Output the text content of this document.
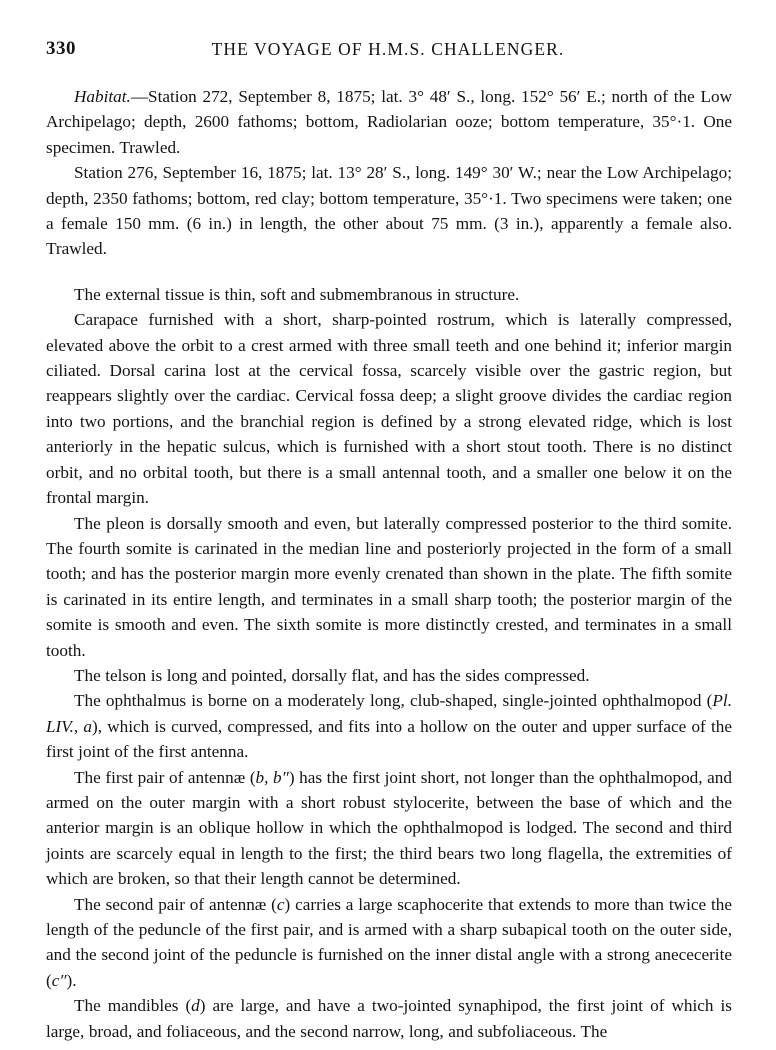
330	THE VOYAGE OF H.M.S. CHALLENGER.

Habitat.—Station 272, September 8, 1875; lat. 3° 48′ S., long. 152° 56′ E.; north of the Low Archipelago; depth, 2600 fathoms; bottom, Radiolarian ooze; bottom temperature, 35°·1. One specimen. Trawled.

Station 276, September 16, 1875; lat. 13° 28′ S., long. 149° 30′ W.; near the Low Archipelago; depth, 2350 fathoms; bottom, red clay; bottom temperature, 35°·1. Two specimens were taken; one a female 150 mm. (6 in.) in length, the other about 75 mm. (3 in.), apparently a female also. Trawled.

The external tissue is thin, soft and submembranous in structure.

Carapace furnished with a short, sharp-pointed rostrum, which is laterally compressed, elevated above the orbit to a crest armed with three small teeth and one behind it; inferior margin ciliated. Dorsal carina lost at the cervical fossa, scarcely visible over the gastric region, but reappears slightly over the cardiac. Cervical fossa deep; a slight groove divides the cardiac region into two portions, and the branchial region is defined by a strong elevated ridge, which is lost anteriorly in the hepatic sulcus, which is furnished with a short stout tooth. There is no distinct orbit, and no orbital tooth, but there is a small antennal tooth, and a smaller one below it on the frontal margin.

The pleon is dorsally smooth and even, but laterally compressed posterior to the third somite. The fourth somite is carinated in the median line and posteriorly projected in the form of a small tooth; and has the posterior margin more evenly crenated than shown in the plate. The fifth somite is carinated in its entire length, and terminates in a small sharp tooth; the posterior margin of the somite is smooth and even. The sixth somite is more distinctly crested, and terminates in a small tooth.

The telson is long and pointed, dorsally flat, and has the sides compressed.

The ophthalmus is borne on a moderately long, club-shaped, single-jointed ophthalmopod (Pl. LIV., a), which is curved, compressed, and fits into a hollow on the outer and upper surface of the first joint of the first antenna.

The first pair of antennæ (b, b″) has the first joint short, not longer than the ophthalmopod, and armed on the outer margin with a short robust stylocerite, between the base of which and the anterior margin is an oblique hollow in which the ophthalmopod is lodged. The second and third joints are scarcely equal in length to the first; the third bears two long flagella, the extremities of which are broken, so that their length cannot be determined.

The second pair of antennæ (c) carries a large scaphocerite that extends to more than twice the length of the peduncle of the first pair, and is armed with a sharp subapical tooth on the outer side, and the second joint of the peduncle is furnished on the inner distal angle with a strong anececerite (c″).

The mandibles (d) are large, and have a two-jointed synaphipod, the first joint of which is large, broad, and foliaceous, and the second narrow, long, and subfoliaceous. The
